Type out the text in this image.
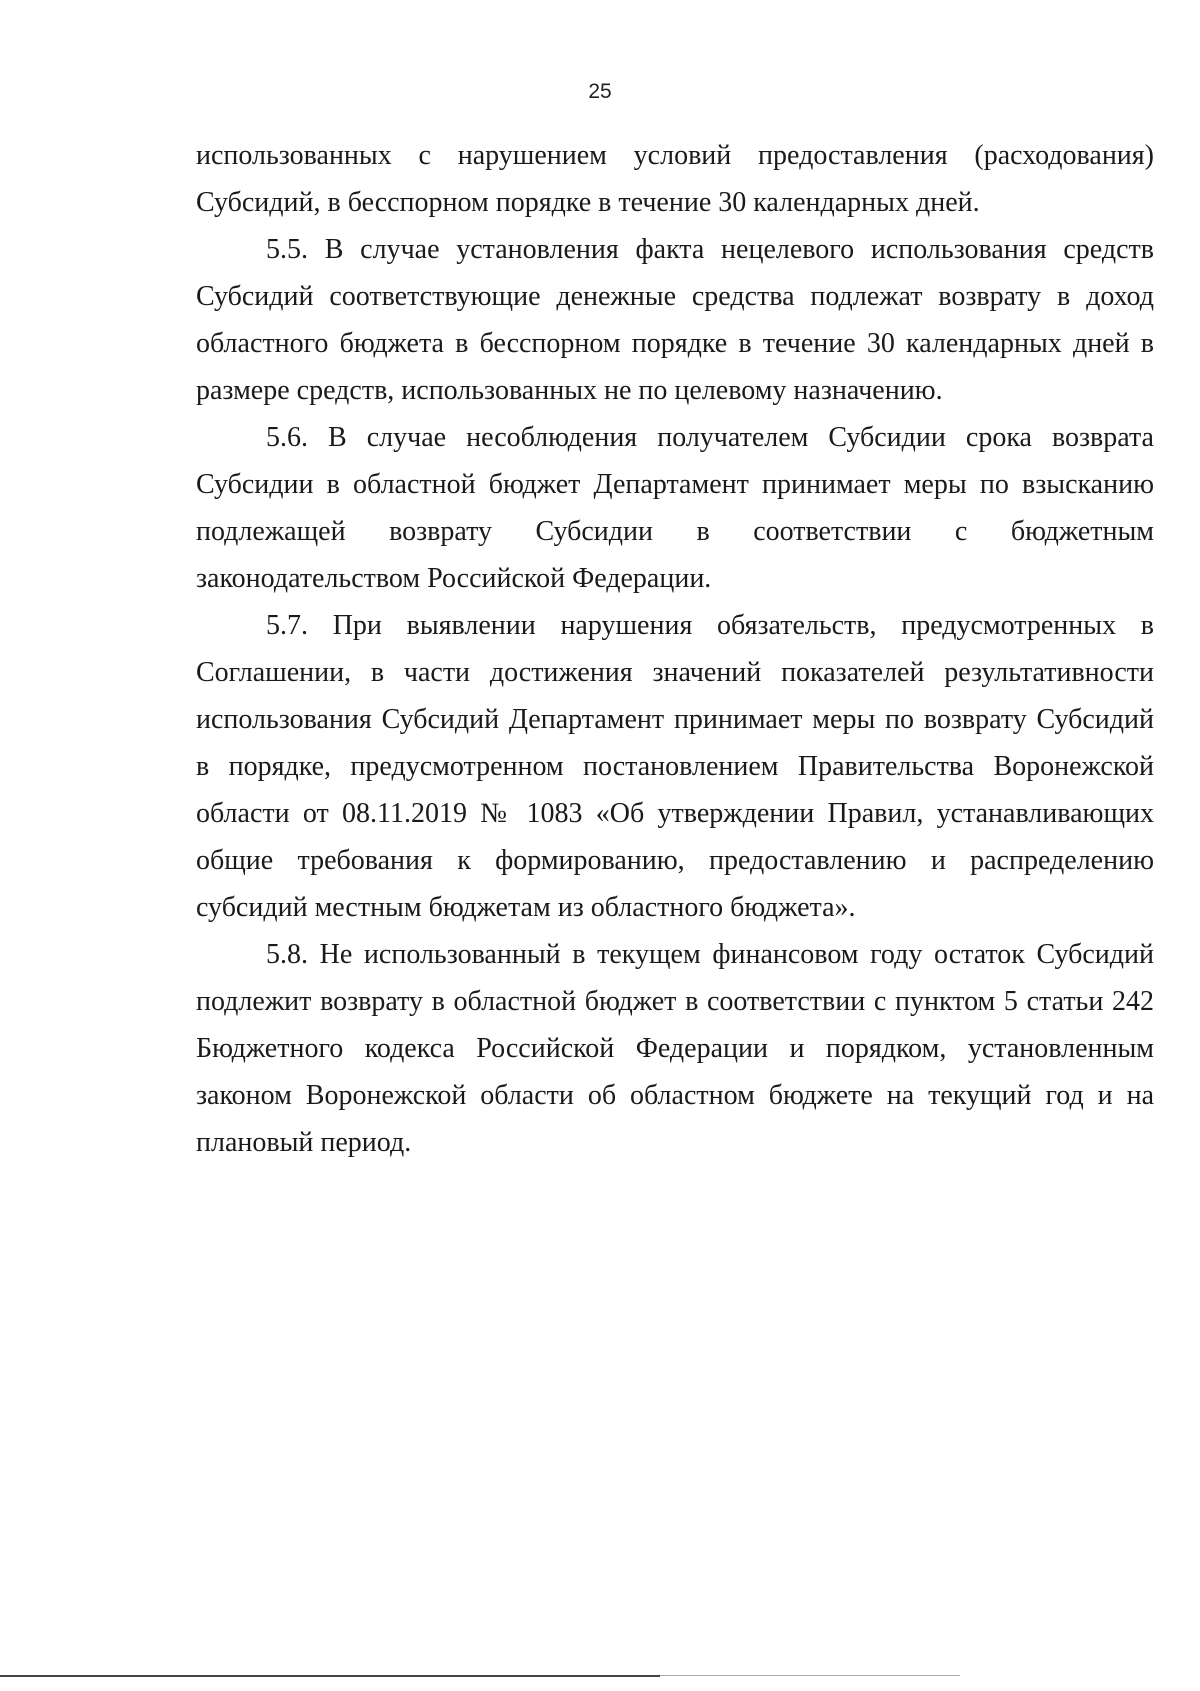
25

использованных с нарушением условий предоставления (расходования) Субсидий, в бесспорном порядке в течение 30 календарных дней.

5.5. В случае установления факта нецелевого использования средств Субсидий соответствующие денежные средства подлежат возврату в доход областного бюджета в бесспорном порядке в течение 30 календарных дней в размере средств, использованных не по целевому назначению.

5.6. В случае несоблюдения получателем Субсидии срока возврата Субсидии в областной бюджет Департамент принимает меры по взысканию подлежащей возврату Субсидии в соответствии с бюджетным законодательством Российской Федерации.

5.7. При выявлении нарушения обязательств, предусмотренных в Соглашении, в части достижения значений показателей результативности использования Субсидий Департамент принимает меры по возврату Субсидий в порядке, предусмотренном постановлением Правительства Воронежской области от 08.11.2019 № 1083 «Об утверждении Правил, устанавливающих общие требования к формированию, предоставлению и распределению субсидий местным бюджетам из областного бюджета».

5.8. Не использованный в текущем финансовом году остаток Субсидий подлежит возврату в областной бюджет в соответствии с пунктом 5 статьи 242 Бюджетного кодекса Российской Федерации и порядком, установленным законом Воронежской области об областном бюджете на текущий год и на плановый период.
